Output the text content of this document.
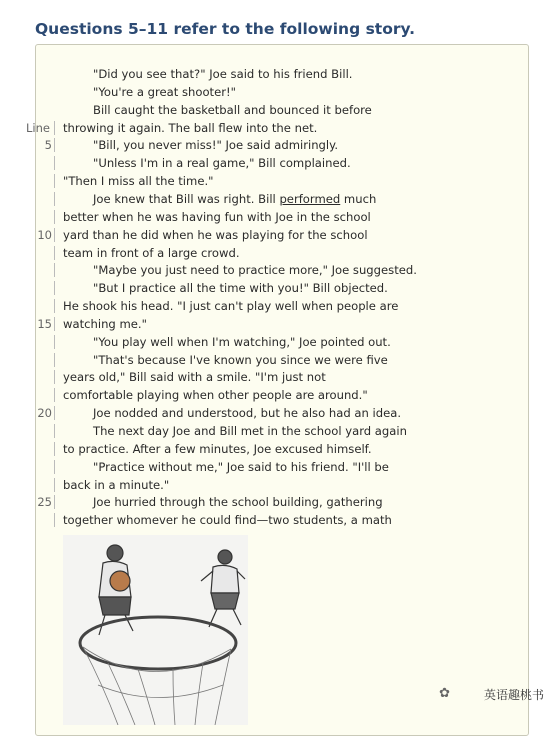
Questions 5–11 refer to the following story.
"Did you see that?" Joe said to his friend Bill.
"You're a great shooter!"
Bill caught the basketball and bounced it before
Line throwing it again. The ball flew into the net.
5	"Bill, you never miss!" Joe said admiringly.
"Unless I'm in a real game," Bill complained.
"Then I miss all the time."
Joe knew that Bill was right. Bill performed much
better when he was having fun with Joe in the school
10 yard than he did when he was playing for the school
team in front of a large crowd.
"Maybe you just need to practice more," Joe suggested.
"But I practice all the time with you!" Bill objected.
He shook his head. "I just can't play well when people are
15 watching me."
"You play well when I'm watching," Joe pointed out.
"That's because I've known you since we were five
years old," Bill said with a smile. "I'm just not
comfortable playing when other people are around."
20	Joe nodded and understood, but he also had an idea.
The next day Joe and Bill met in the school yard again
to practice. After a few minutes, Joe excused himself.
"Practice without me," Joe said to his friend. "I'll be
back in a minute."
25	Joe hurried through the school building, gathering
together whomever he could find—two students, a math
✿	英语趣桃书
